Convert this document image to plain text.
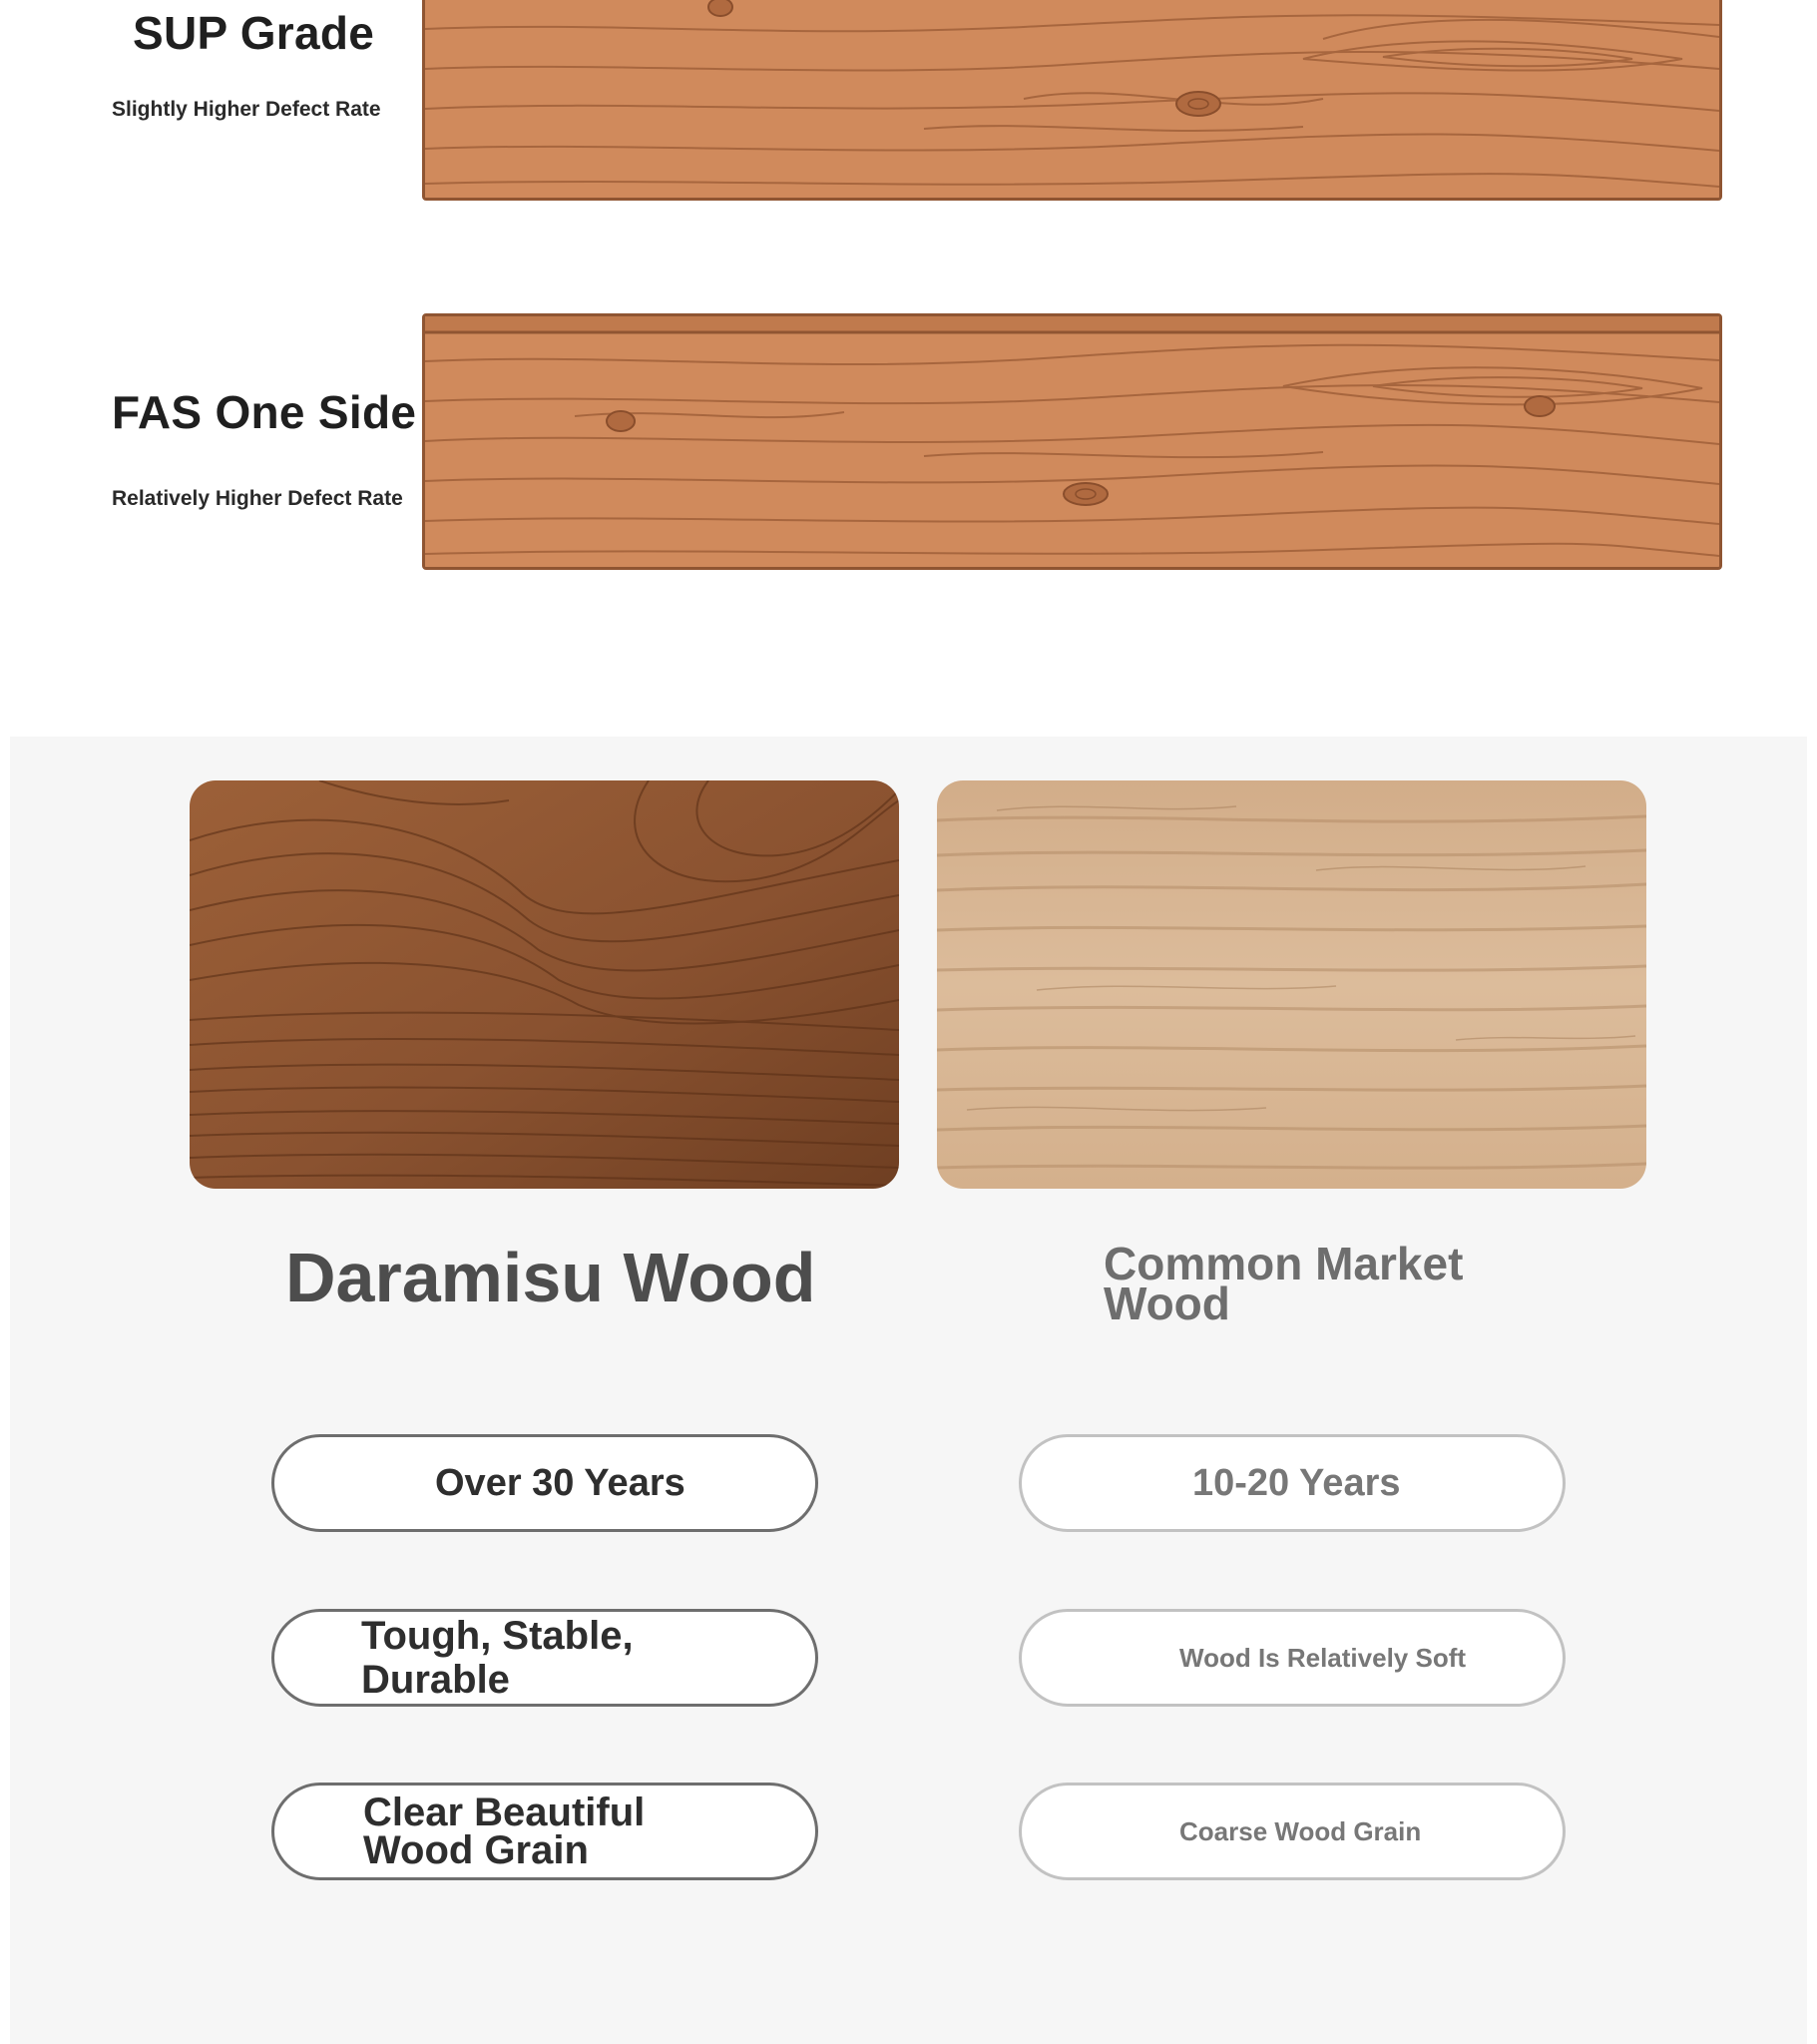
SUP Grade
Slightly Higher Defect Rate
FAS One Side
Relatively Higher Defect Rate
Daramisu Wood	Common Market Wood
Over 30 Years
Tough, Stable, Durable
Clear Beautiful Wood Grain
10-20 Years
Wood Is Relatively Soft
Coarse Wood Grain
